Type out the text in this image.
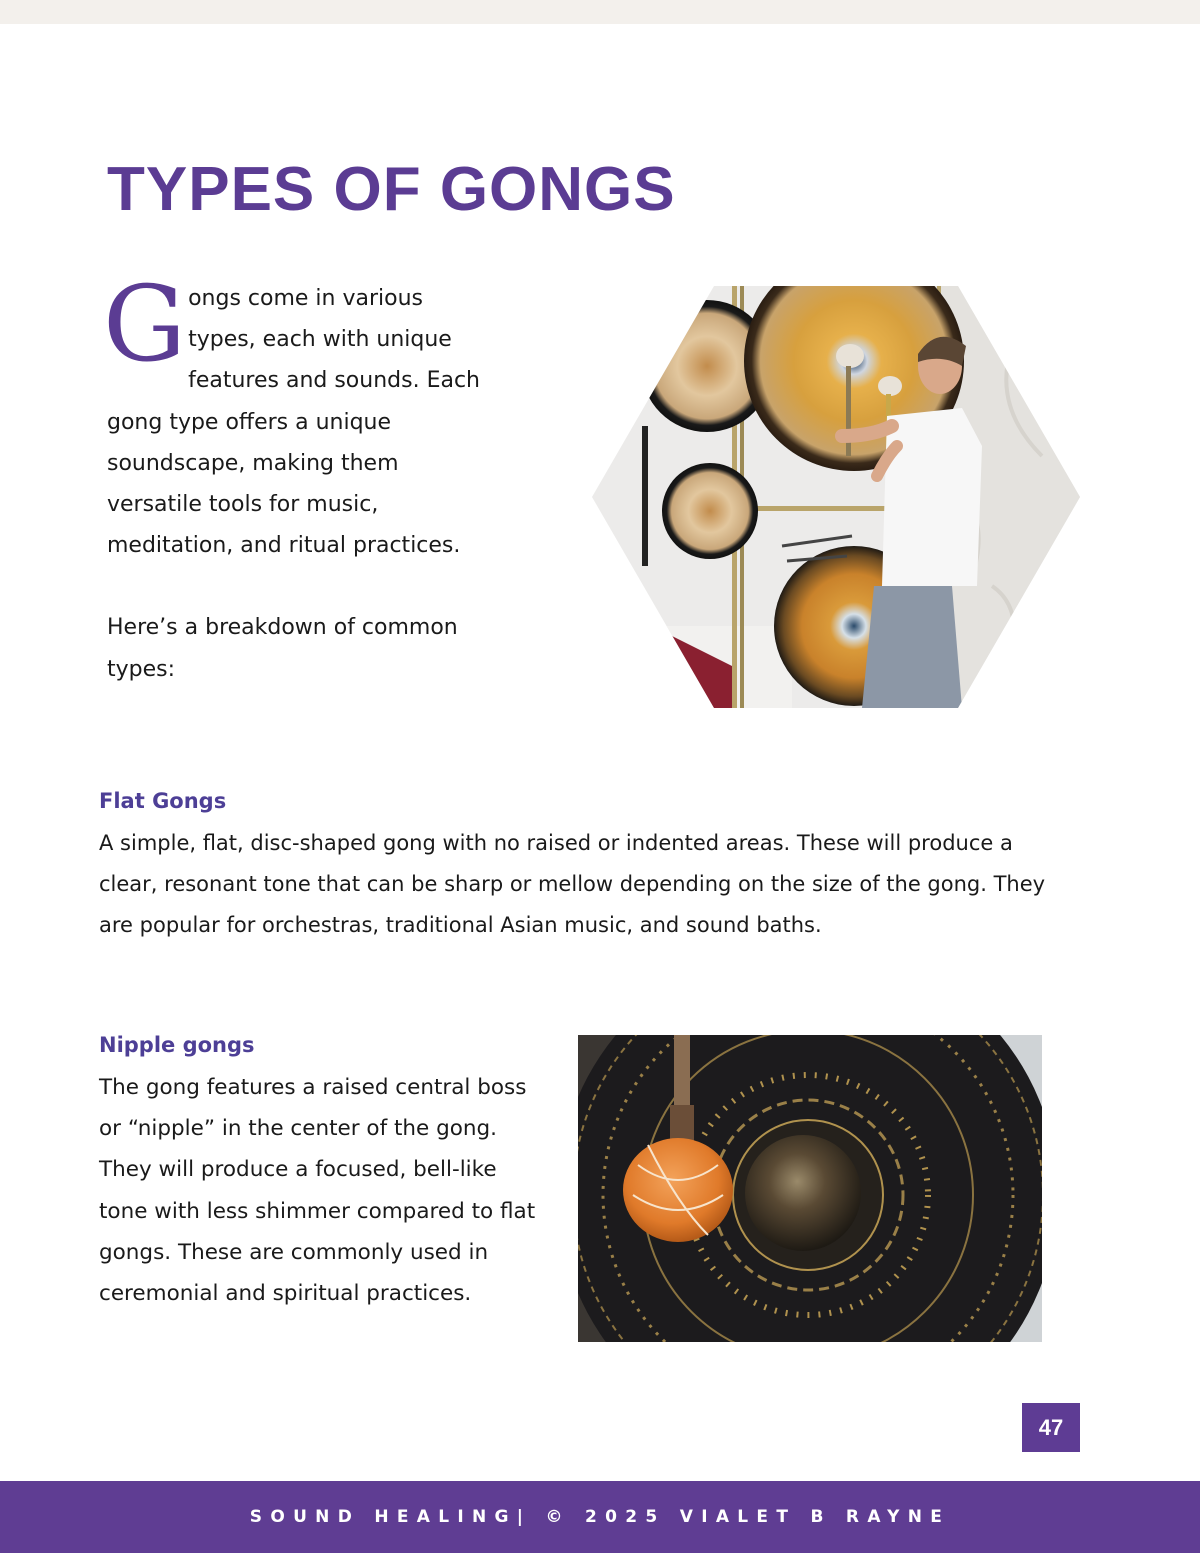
TYPES OF GONGS

Gongs come in various types, each with unique features and sounds. Each gong type offers a unique soundscape, making them versatile tools for music, meditation, and ritual practices.

Here’s a breakdown of common types:

Flat Gongs

A simple, flat, disc-shaped gong with no raised or indented areas. These will produce a clear, resonant tone that can be sharp or mellow depending on the size of the gong. They are popular for orchestras, traditional Asian music, and sound baths.

Nipple gongs

The gong features a raised central boss or “nipple” in the center of the gong. They will produce a focused, bell-like tone with less shimmer compared to flat gongs. These are commonly used in ceremonial and spiritual practices.

47
SOUND HEALING| © 2025 VIALET B RAYNE
